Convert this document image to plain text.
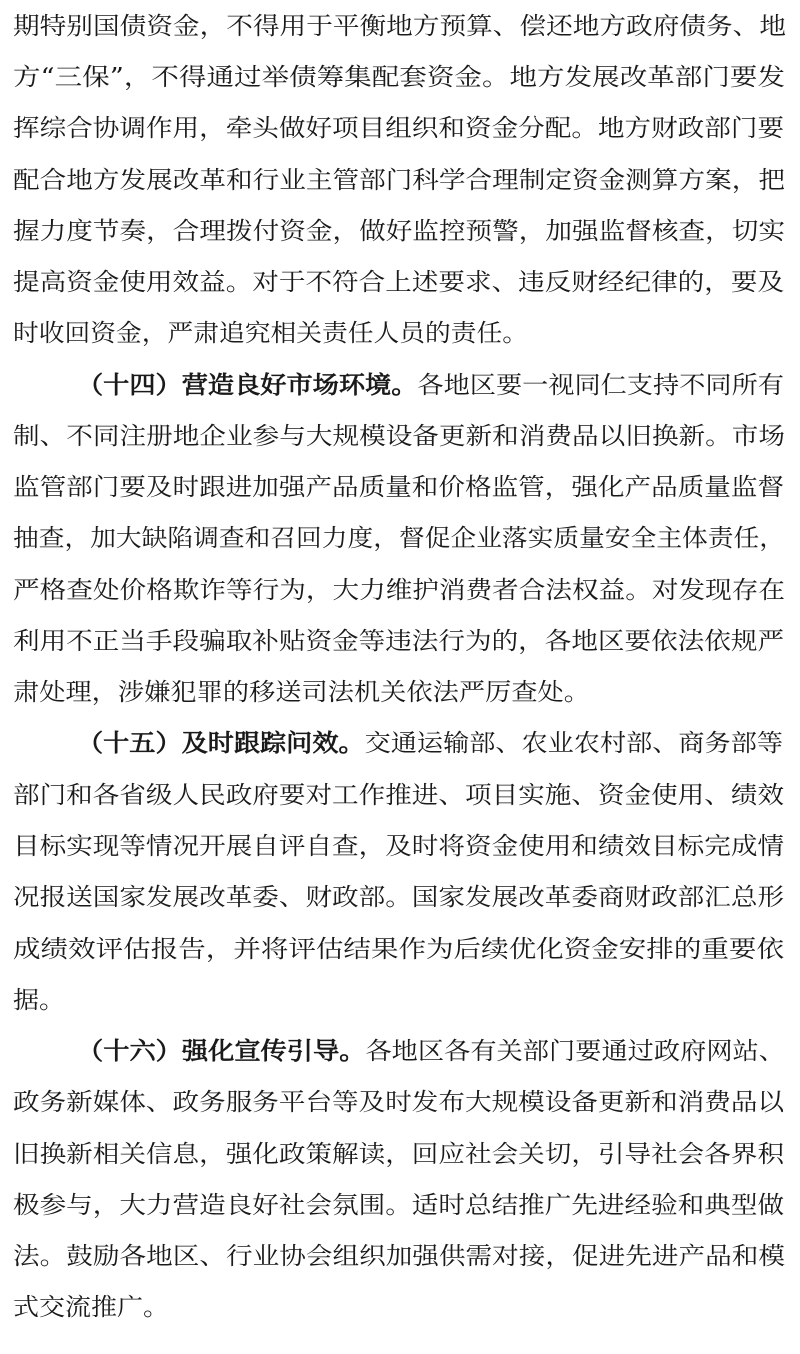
期特别国债资金，不得用于平衡地方预算、偿还地方政府债务、地

方“三保”，不得通过举债筹集配套资金。地方发展改革部门要发

挥综合协调作用，牵头做好项目组织和资金分配。地方财政部门要

配合地方发展改革和行业主管部门科学合理制定资金测算方案，把

握力度节奏，合理拨付资金，做好监控预警，加强监督核查，切实

提高资金使用效益。对于不符合上述要求、违反财经纪律的，要及

时收回资金，严肃追究相关责任人员的责任。

（十四）营造良好市场环境。各地区要一视同仁支持不同所有

制、不同注册地企业参与大规模设备更新和消费品以旧换新。市场

监管部门要及时跟进加强产品质量和价格监管，强化产品质量监督

抽查，加大缺陷调查和召回力度，督促企业落实质量安全主体责任，

严格查处价格欺诈等行为，大力维护消费者合法权益。对发现存在

利用不正当手段骗取补贴资金等违法行为的，各地区要依法依规严

肃处理，涉嫌犯罪的移送司法机关依法严厉查处。

（十五）及时跟踪问效。交通运输部、农业农村部、商务部等

部门和各省级人民政府要对工作推进、项目实施、资金使用、绩效

目标实现等情况开展自评自查，及时将资金使用和绩效目标完成情

况报送国家发展改革委、财政部。国家发展改革委商财政部汇总形

成绩效评估报告，并将评估结果作为后续优化资金安排的重要依

据。

（十六）强化宣传引导。各地区各有关部门要通过政府网站、

政务新媒体、政务服务平台等及时发布大规模设备更新和消费品以

旧换新相关信息，强化政策解读，回应社会关切，引导社会各界积

极参与，大力营造良好社会氛围。适时总结推广先进经验和典型做

法。鼓励各地区、行业协会组织加强供需对接，促进先进产品和模

式交流推广。
